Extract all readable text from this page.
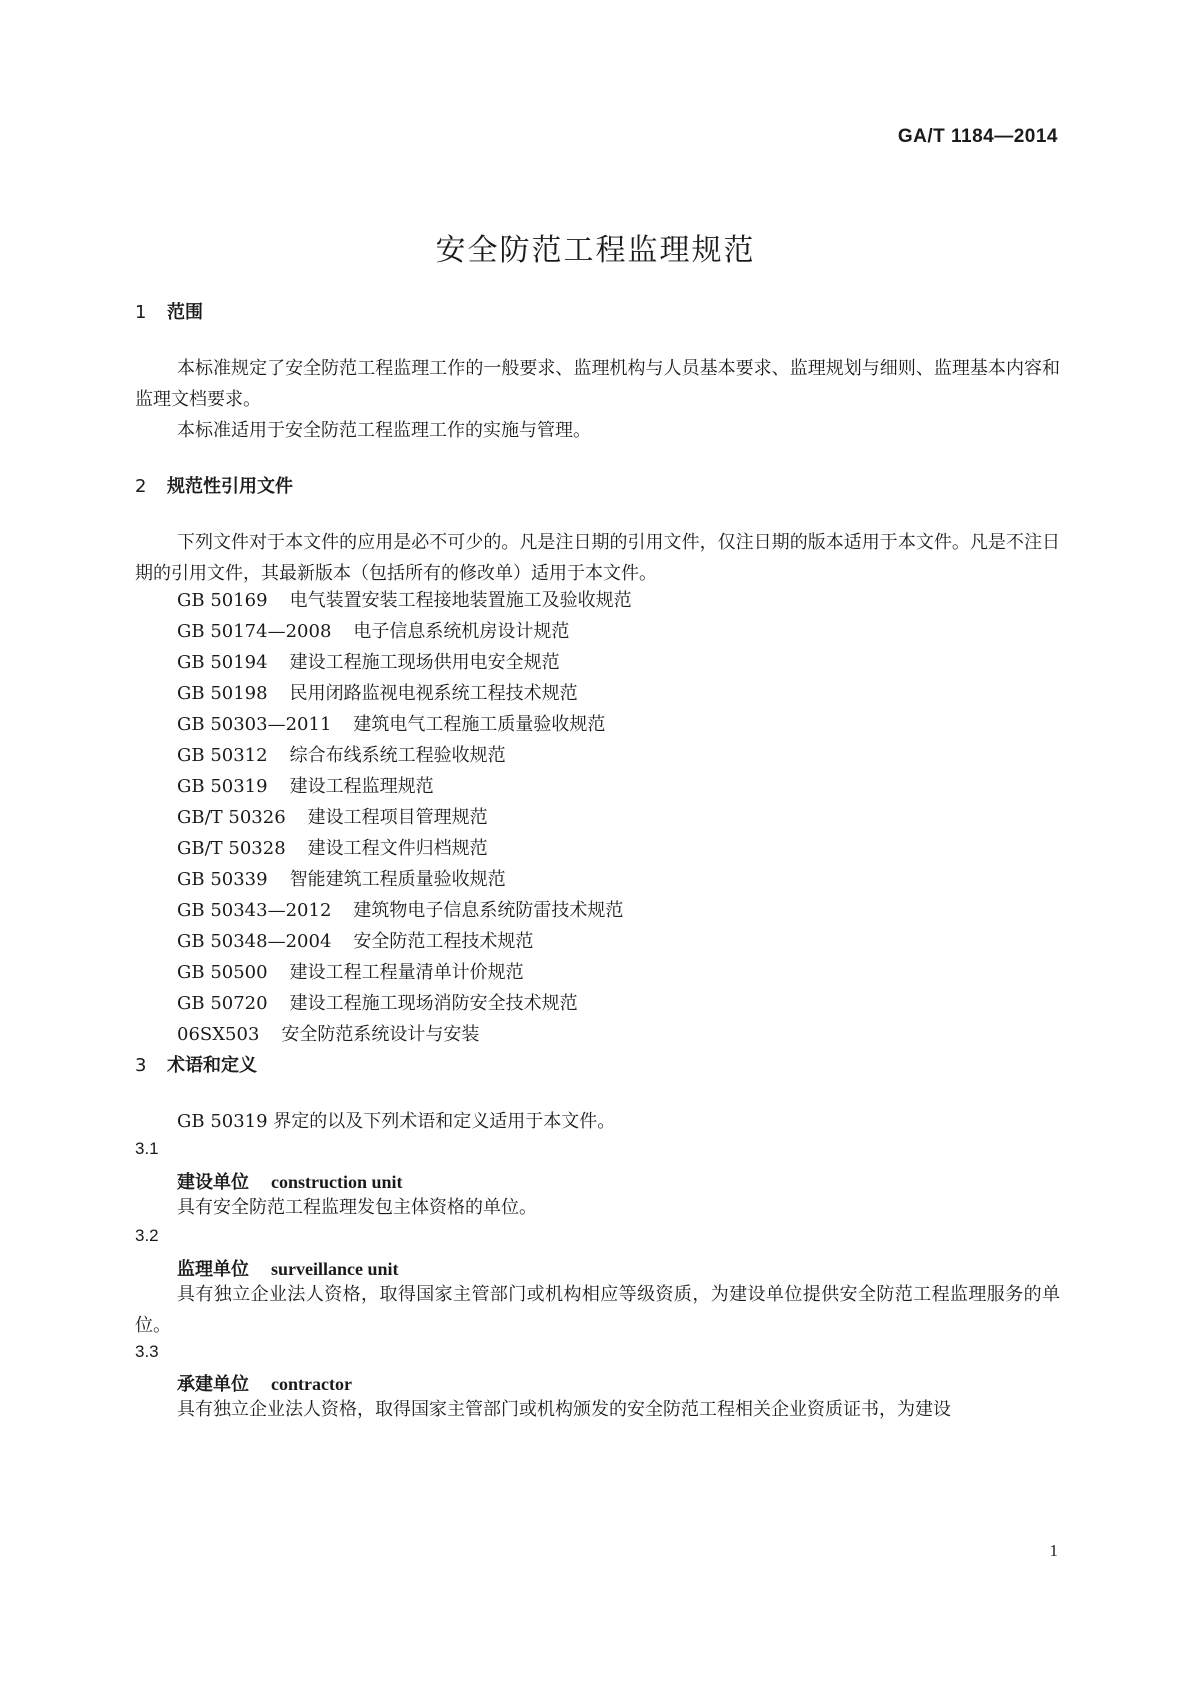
GA/T 1184—2014
安全防范工程监理规范
1 范围

本标准规定了安全防范工程监理工作的一般要求、监理机构与人员基本要求、监理规划与细则、监理基本内容和监理文档要求。

本标准适用于安全防范工程监理工作的实施与管理。

2 规范性引用文件

下列文件对于本文件的应用是必不可少的。凡是注日期的引用文件，仅注日期的版本适用于本文件。凡是不注日期的引用文件，其最新版本（包括所有的修改单）适用于本文件。

GB 50169 电气装置安装工程接地装置施工及验收规范
GB 50174—2008 电子信息系统机房设计规范
GB 50194 建设工程施工现场供用电安全规范
GB 50198 民用闭路监视电视系统工程技术规范
GB 50303—2011 建筑电气工程施工质量验收规范
GB 50312 综合布线系统工程验收规范
GB 50319 建设工程监理规范
GB/T 50326 建设工程项目管理规范
GB/T 50328 建设工程文件归档规范
GB 50339 智能建筑工程质量验收规范
GB 50343—2012 建筑物电子信息系统防雷技术规范
GB 50348—2004 安全防范工程技术规范
GB 50500 建设工程工程量清单计价规范
GB 50720 建设工程施工现场消防安全技术规范
06SX503 安全防范系统设计与安装
3 术语和定义

GB 50319 界定的以及下列术语和定义适用于本文件。

3.1
建设单位 construction unit

具有安全防范工程监理发包主体资格的单位。

3.2
监理单位 surveillance unit

具有独立企业法人资格，取得国家主管部门或机构相应等级资质，为建设单位提供安全防范工程监理服务的单位。

3.3
承建单位 contractor

具有独立企业法人资格，取得国家主管部门或机构颁发的安全防范工程相关企业资质证书，为建设

1
